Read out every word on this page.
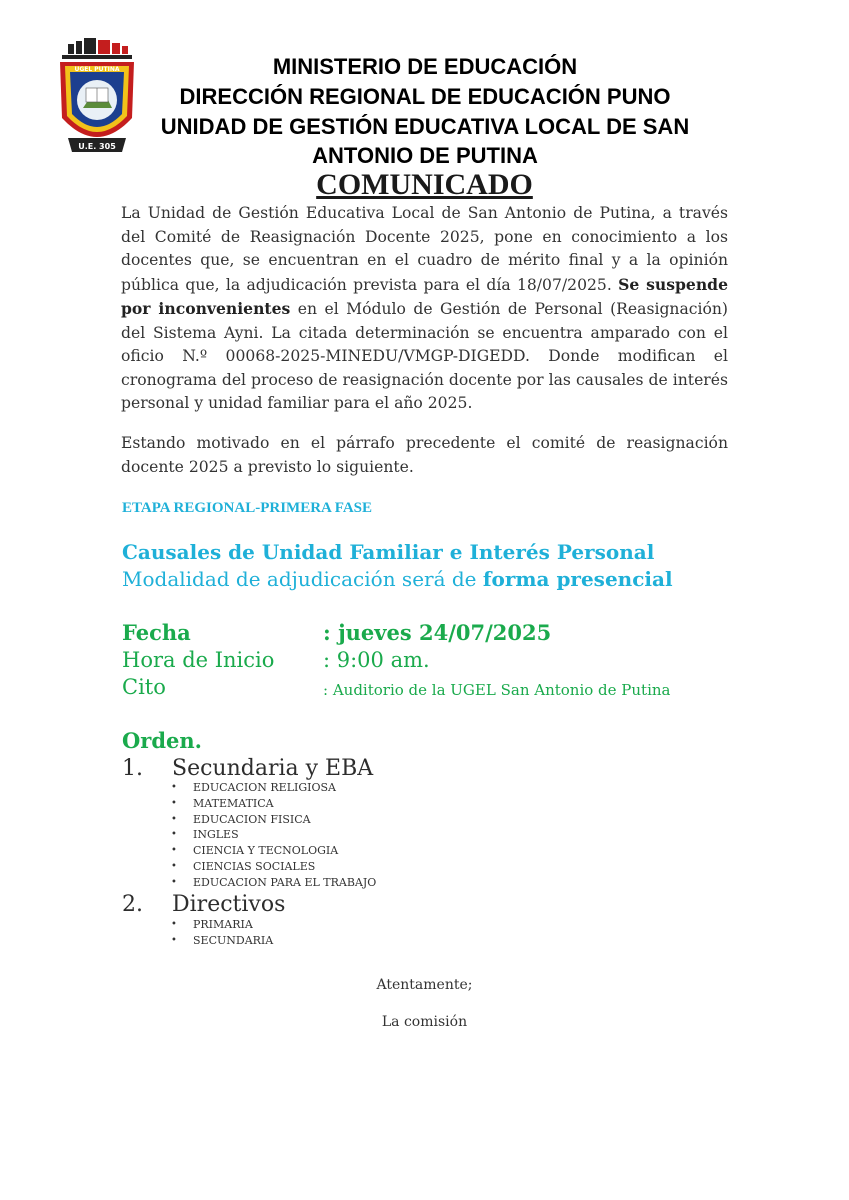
UGEL PUTINA
U.E. 305
MINISTERIO DE EDUCACIÓN
DIRECCIÓN REGIONAL DE EDUCACIÓN PUNO
UNIDAD DE GESTIÓN EDUCATIVA LOCAL DE SAN
ANTONIO DE PUTINA
COMUNICADO
La Unidad de Gestión Educativa Local de San Antonio de Putina, a través del Comité de Reasignación Docente 2025, pone en conocimiento a los docentes que, se encuentran en el cuadro de mérito final y a la opinión pública que, la adjudicación prevista para el día 18/07/2025. Se suspende por inconvenientes en el Módulo de Gestión de Personal (Reasignación) del Sistema Ayni. La citada determinación se encuentra amparado con el oficio N.º 00068-2025-MINEDU/VMGP-DIGEDD. Donde modifican el cronograma del proceso de reasignación docente por las causales de interés personal y unidad familiar para el año 2025.
Estando motivado en el párrafo precedente el comité de reasignación docente 2025 a previsto lo siguiente.
ETAPA REGIONAL-PRIMERA FASE
Causales de Unidad Familiar e Interés Personal
Modalidad de adjudicación será de forma presencial
Fecha	: jueves 24/07/2025
Hora de Inicio : 9:00 am.
Cito	: Auditorio de la UGEL San Antonio de Putina
Orden.
1. Secundaria y EBA
• EDUCACION RELIGIOSA
• MATEMATICA
• EDUCACION FISICA
• INGLES
• CIENCIA Y TECNOLOGIA
• CIENCIAS SOCIALES
• EDUCACION PARA EL TRABAJO
2. Directivos
• PRIMARIA
• SECUNDARIA
Atentamente;
La comisión
